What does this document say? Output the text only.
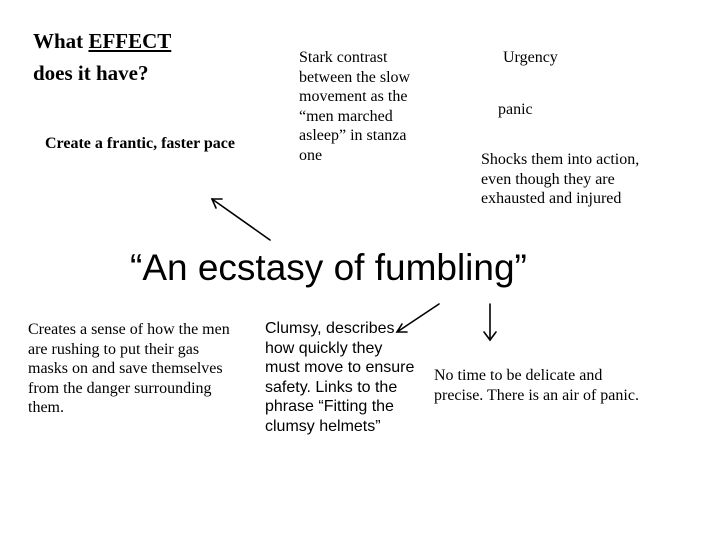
What EFFECT
does it have?
Create a frantic, faster pace
Stark contrast between the slow movement as the “men marched asleep” in stanza one
Urgency
panic
Shocks them into action, even though they are exhausted and injured
“An ecstasy of fumbling”
Creates a sense of how the men are rushing to put their gas masks on and save themselves from the danger surrounding them.
Clumsy, describes how quickly they must move to ensure safety. Links to the phrase “Fitting the clumsy helmets”
No time to be delicate and precise. There is an air of panic.
